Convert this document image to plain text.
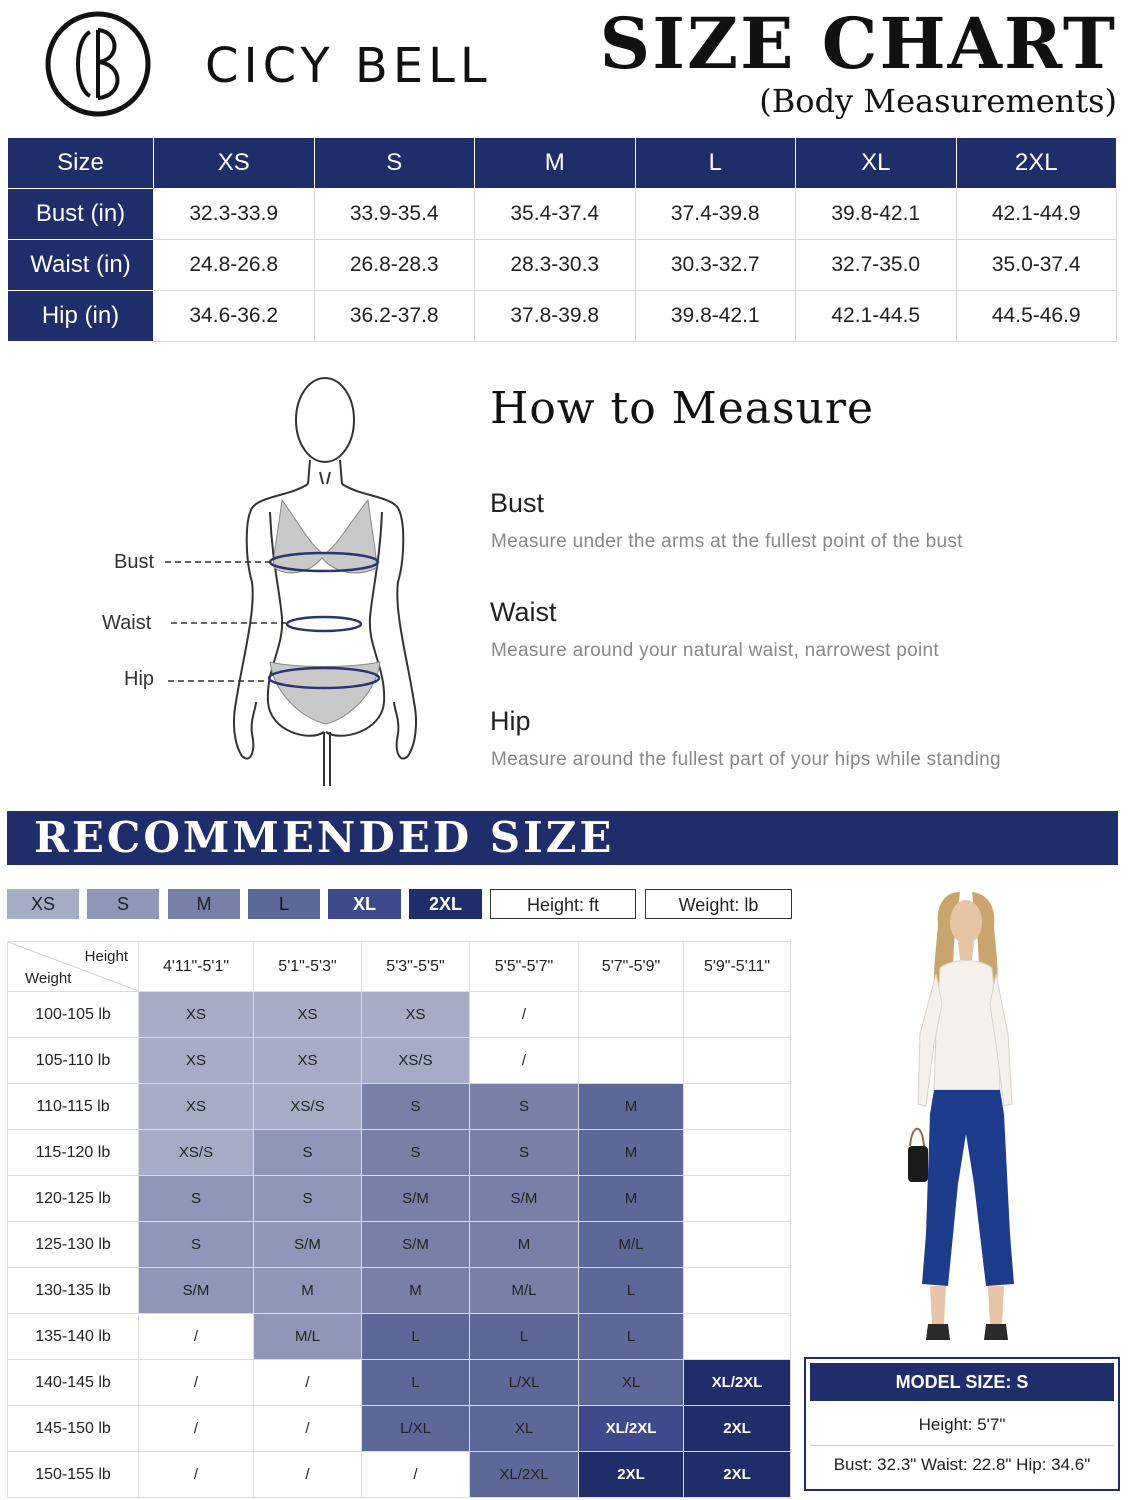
CICY BELL SIZE CHART
(Body Measurements)
Size	XS	S	M	L	XL	2XL
Bust (in)	32.3-33.9	33.9-35.4	35.4-37.4	37.4-39.8	39.8-42.1	42.1-44.9
Waist (in)	24.8-26.8	26.8-28.3	28.3-30.3	30.3-32.7	32.7-35.0	35.0-37.4
Hip (in)	34.6-36.2	36.2-37.8	37.8-39.8	39.8-42.1	42.1-44.5	44.5-46.9
Bust
Waist
Hip
How to Measure
Bust
Measure under the arms at the fullest point of the bust
Waist
Measure around your natural waist, narrowest point
Hip
Measure around the fullest part of your hips while standing
RECOMMENDED SIZE
XS	S	M	L	XL	2XL	Height: ft	Weight: lb
Height
Weight	4'11"-5'1"	5'1"-5'3"	5'3"-5'5"	5'5"-5'7"	5'7"-5'9"	5'9"-5'11"
100-105 lb	XS	XS	XS	/		
105-110 lb	XS	XS	XS/S	/		
110-115 lb	XS	XS/S	S	S	M	
115-120 lb	XS/S	S	S	S	M	
120-125 lb	S	S	S/M	S/M	M	
125-130 lb	S	S/M	S/M	M	M/L	
130-135 lb	S/M	M	M	M/L	L	
135-140 lb	/	M/L	L	L	L	
140-145 lb	/	/	L	L/XL	XL	XL/2XL
145-150 lb	/	/	L/XL	XL	XL/2XL	2XL
150-155 lb	/	/	/	XL/2XL	2XL	2XL
MODEL SIZE: S
Height: 5'7"
Bust: 32.3" Waist: 22.8" Hip: 34.6"
